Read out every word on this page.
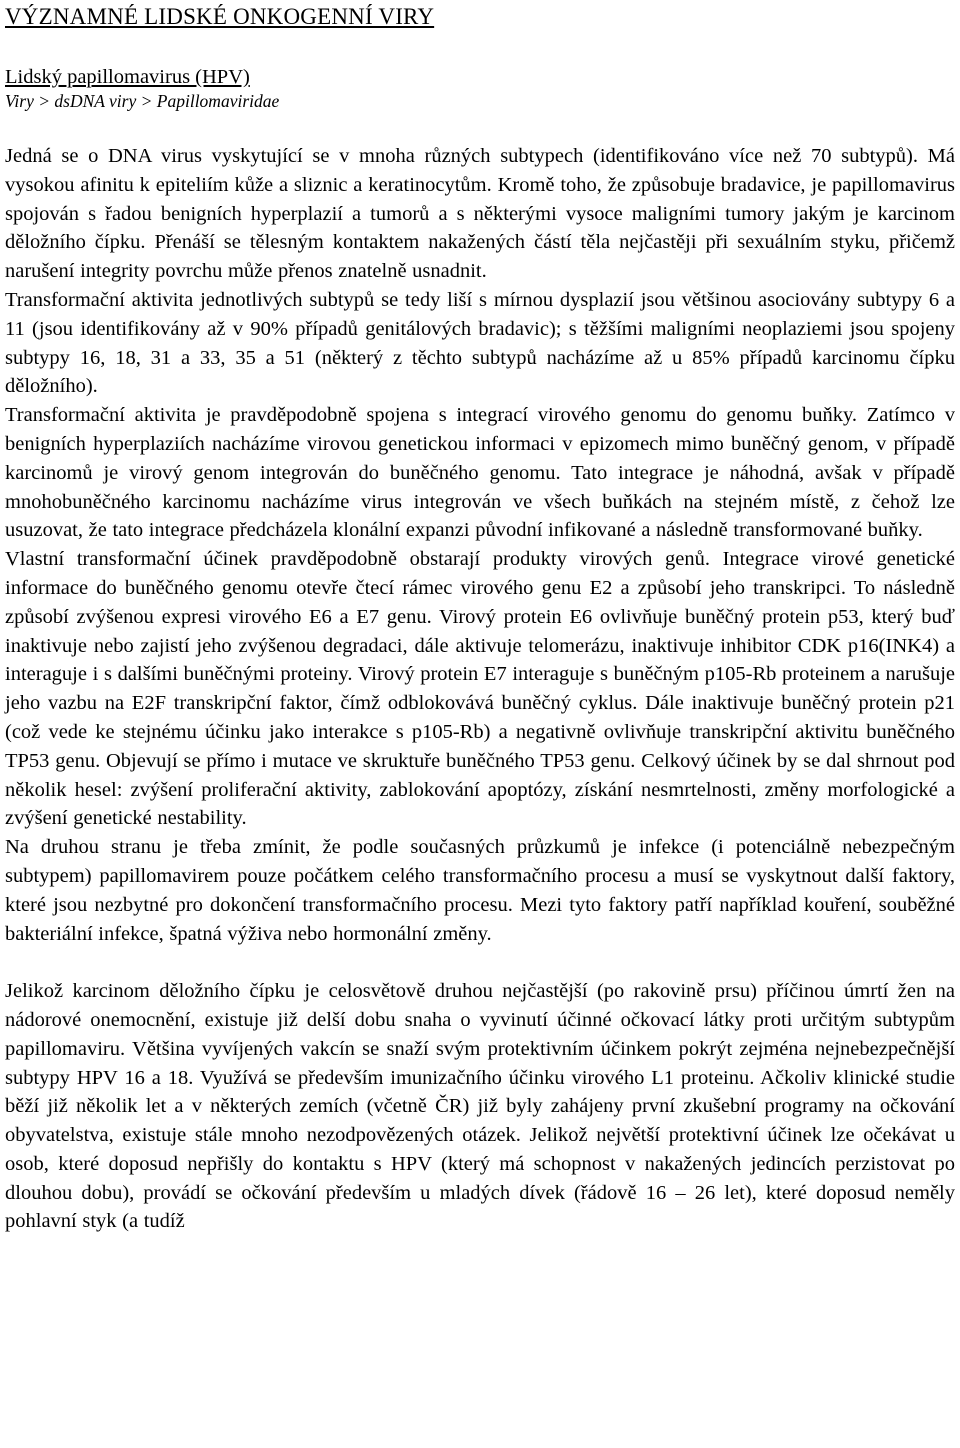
VÝZNAMNÉ LIDSKÉ ONKOGENNÍ VIRY
Lidský papillomavirus (HPV)
Viry > dsDNA viry > Papillomaviridae

Jedná se o DNA virus vyskytující se v mnoha různých subtypech (identifikováno více než 70 subtypů). Má vysokou afinitu k epiteliím kůže a sliznic a keratinocytům. Kromě toho, že způsobuje bradavice, je papillomavirus spojován s řadou benigních hyperplazií a tumorů a s některými vysoce maligními tumory jakým je karcinom děložního čípku. Přenáší se tělesným kontaktem nakažených částí těla nejčastěji při sexuálním styku, přičemž narušení integrity povrchu může přenos znatelně usnadnit.

Transformační aktivita jednotlivých subtypů se tedy liší s mírnou dysplazií jsou většinou asociovány subtypy 6 a 11 (jsou identifikovány až v 90% případů genitálových bradavic); s těžšími maligními neoplaziemi jsou spojeny subtypy 16, 18, 31 a 33, 35 a 51 (některý z těchto subtypů nacházíme až u 85% případů karcinomu čípku děložního).

Transformační aktivita je pravděpodobně spojena s integrací virového genomu do genomu buňky. Zatímco v benigních hyperplaziích nacházíme virovou genetickou informaci v epizomech mimo buněčný genom, v případě karcinomů je virový genom integrován do buněčného genomu. Tato integrace je náhodná, avšak v případě mnohobuněčného karcinomu nacházíme virus integrován ve všech buňkách na stejném místě, z čehož lze usuzovat, že tato integrace předcházela klonální expanzi původní infikované a následně transformované buňky.

Vlastní transformační účinek pravděpodobně obstarají produkty virových genů. Integrace virové genetické informace do buněčného genomu otevře čtecí rámec virového genu E2 a způsobí jeho transkripci. To následně způsobí zvýšenou expresi virového E6 a E7 genu. Virový protein E6 ovlivňuje buněčný protein p53, který buď inaktivuje nebo zajistí jeho zvýšenou degradaci, dále aktivuje telomerázu, inaktivuje inhibitor CDK p16(INK4) a interaguje i s dalšími buněčnými proteiny. Virový protein E7 interaguje s buněčným p105-Rb proteinem a narušuje jeho vazbu na E2F transkripční faktor, čímž odblokovává buněčný cyklus. Dále inaktivuje buněčný protein p21 (což vede ke stejnému účinku jako interakce s p105-Rb) a negativně ovlivňuje transkripční aktivitu buněčného TP53 genu. Objevují se přímo i mutace ve skruktuře buněčného TP53 genu. Celkový účinek by se dal shrnout pod několik hesel: zvýšení proliferační aktivity, zablokování apoptózy, získání nesmrtelnosti, změny morfologické a zvýšení genetické nestability.

Na druhou stranu je třeba zmínit, že podle současných průzkumů je infekce (i potenciálně nebezpečným subtypem) papillomavirem pouze počátkem celého transformačního procesu a musí se vyskytnout další faktory, které jsou nezbytné pro dokončení transformačního procesu. Mezi tyto faktory patří například kouření, souběžné bakteriální infekce, špatná výživa nebo hormonální změny.

Jelikož karcinom děložního čípku je celosvětově druhou nejčastější (po rakovině prsu) příčinou úmrtí žen na nádorové onemocnění, existuje již delší dobu snaha o vyvinutí účinné očkovací látky proti určitým subtypům papillomaviru. Většina vyvíjených vakcín se snaží svým protektivním účinkem pokrýt zejména nejnebezpečnější subtypy HPV 16 a 18. Využívá se především imunizačního účinku virového L1 proteinu. Ačkoliv klinické studie běží již několik let a v některých zemích (včetně ČR) již byly zahájeny první zkušební programy na očkování obyvatelstva, existuje stále mnoho nezodpovězených otázek. Jelikož největší protektivní účinek lze očekávat u osob, které doposud nepřišly do kontaktu s HPV (který má schopnost v nakažených jedincích perzistovat po dlouhou dobu), provádí se očkování především u mladých dívek (řádově 16 – 26 let), které doposud neměly pohlavní styk (a tudíž
